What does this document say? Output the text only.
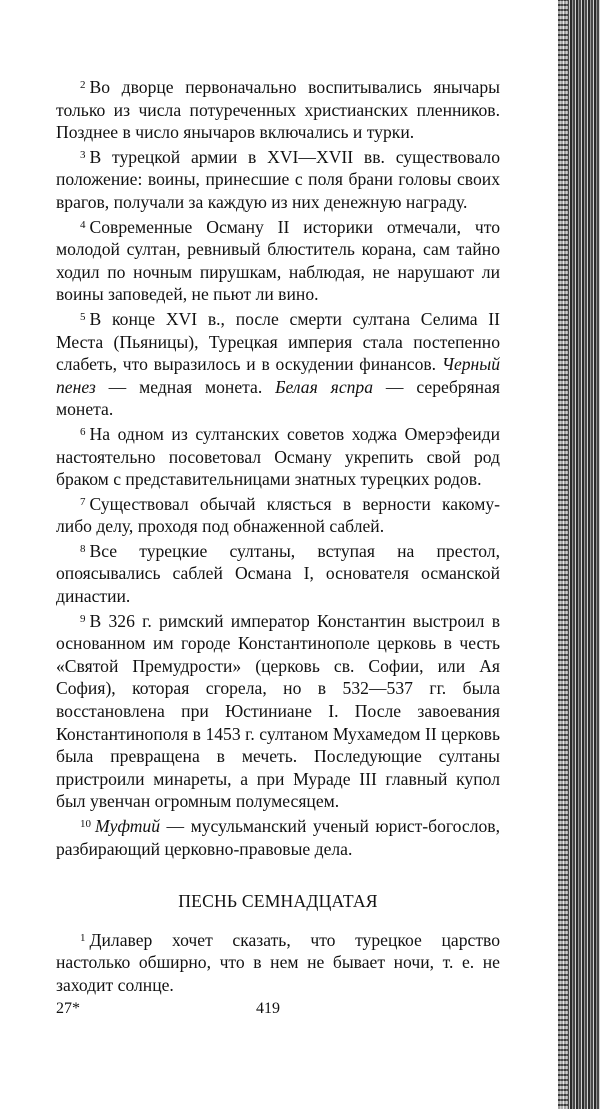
$^2$ Во дворце первоначально воспитывались янычары только из числа потуреченных христианских пленников. Позднее в число янычаров включались и турки.

$^3$ В турецкой армии в XVI—XVII вв. существовало положение: воины, принесшие с поля брани головы своих врагов, получали за каждую из них денежную награду.

$^4$ Современные Осману II историки отмечали, что молодой султан, ревнивый блюститель корана, сам тайно ходил по ночным пирушкам, наблюдая, не нарушают ли воины заповедей, не пьют ли вино.

$^5$ В конце XVI в., после смерти султана Селима II Места (Пьяницы), Турецкая империя стала постепенно слабеть, что выразилось и в оскудении финансов. Черный пенез — медная монета. Белая яспра — серебряная монета.

$^6$ На одном из султанских советов ходжа Омерэфеиди настоятельно посоветовал Осману укрепить свой род браком с представительницами знатных турецких родов.

$^7$ Существовал обычай клясться в верности какому-либо делу, проходя под обнаженной саблей.

$^8$ Все турецкие султаны, вступая на престол, опоясывались саблей Османа I, основателя османской династии.

$^9$ В 326 г. римский император Константин выстроил в основанном им городе Константинополе церковь в честь «Святой Премудрости» (церковь св. Софии, или Ая София), которая сгорела, но в 532—537 гг. была восстановлена при Юстиниане I. После завоевания Константинополя в 1453 г. султаном Мухамедом II церковь была превращена в мечеть. Последующие султаны пристроили минареты, а при Мураде III главный купол был увенчан огромным полумесяцем.

$^{10}$ Муфтий — мусульманский ученый юрист-богослов, разбирающий церковно-правовые дела.

ПЕСНЬ СЕМНАДЦАТАЯ

$^1$ Дилавер хочет сказать, что турецкое царство настолько обширно, что в нем не бывает ночи, т. е. не заходит солнце.

27*	419
